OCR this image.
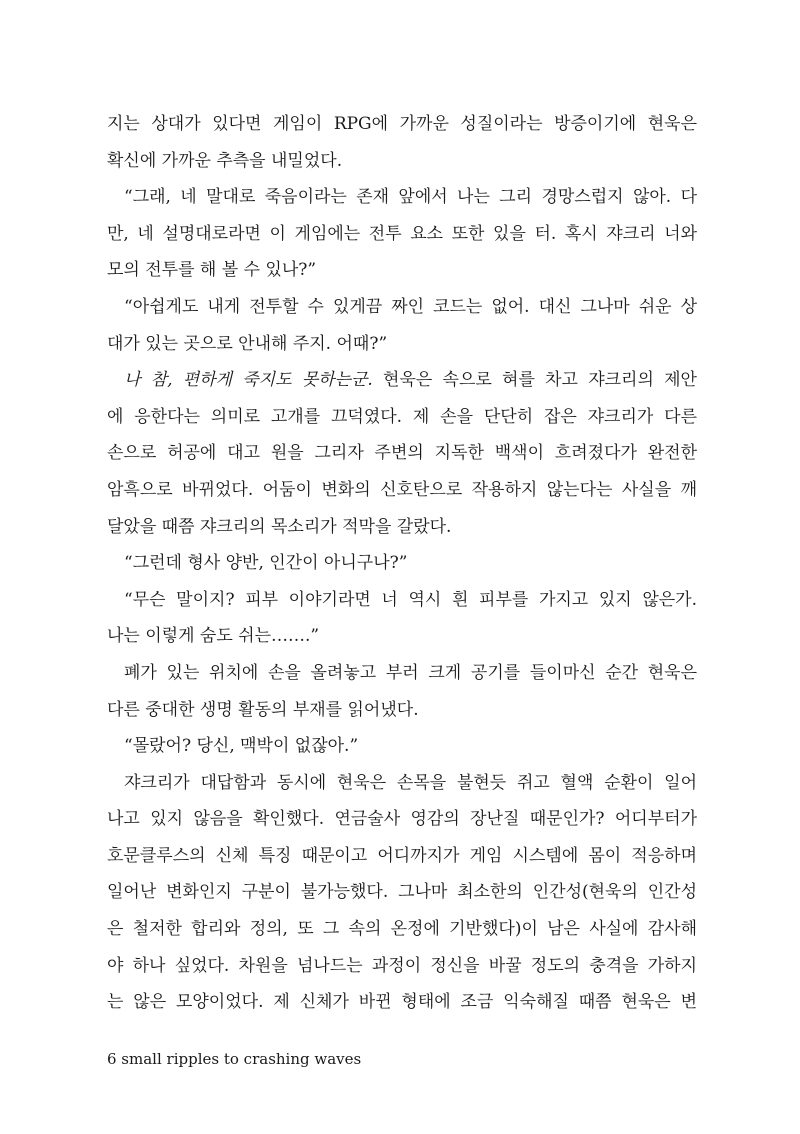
지는 상대가 있다면 게임이 RPG에 가까운 성질이라는 방증이기에 현욱은
확신에 가까운 추측을 내밀었다.
“그래, 네 말대로 죽음이라는 존재 앞에서 나는 그리 경망스럽지 않아. 다
만, 네 설명대로라면 이 게임에는 전투 요소 또한 있을 터. 혹시 쟈크리 너와
모의 전투를 해 볼 수 있나?”
“아쉽게도 내게 전투할 수 있게끔 짜인 코드는 없어. 대신 그나마 쉬운 상
대가 있는 곳으로 안내해 주지. 어때?”
나 참, 편하게 죽지도 못하는군. 현욱은 속으로 혀를 차고 쟈크리의 제안
에 응한다는 의미로 고개를 끄덕였다. 제 손을 단단히 잡은 쟈크리가 다른
손으로 허공에 대고 원을 그리자 주변의 지독한 백색이 흐려졌다가 완전한
암흑으로 바뀌었다. 어둠이 변화의 신호탄으로 작용하지 않는다는 사실을 깨
달았을 때쯤 쟈크리의 목소리가 적막을 갈랐다.
“그런데 형사 양반, 인간이 아니구나?”
“무슨 말이지? 피부 이야기라면 너 역시 흰 피부를 가지고 있지 않은가.
나는 이렇게 숨도 쉬는…….”
폐가 있는 위치에 손을 올려놓고 부러 크게 공기를 들이마신 순간 현욱은
다른 중대한 생명 활동의 부재를 읽어냈다.
“몰랐어? 당신, 맥박이 없잖아.”
쟈크리가 대답함과 동시에 현욱은 손목을 불현듯 쥐고 혈액 순환이 일어
나고 있지 않음을 확인했다. 연금술사 영감의 장난질 때문인가? 어디부터가
호문클루스의 신체 특징 때문이고 어디까지가 게임 시스템에 몸이 적응하며
일어난 변화인지 구분이 불가능했다. 그나마 최소한의 인간성(현욱의 인간성
은 철저한 합리와 정의, 또 그 속의 온정에 기반했다)이 남은 사실에 감사해
야 하나 싶었다. 차원을 넘나드는 과정이 정신을 바꿀 정도의 충격을 가하지
는 않은 모양이었다. 제 신체가 바뀐 형태에 조금 익숙해질 때쯤 현욱은 변
6 small ripples to crashing waves
